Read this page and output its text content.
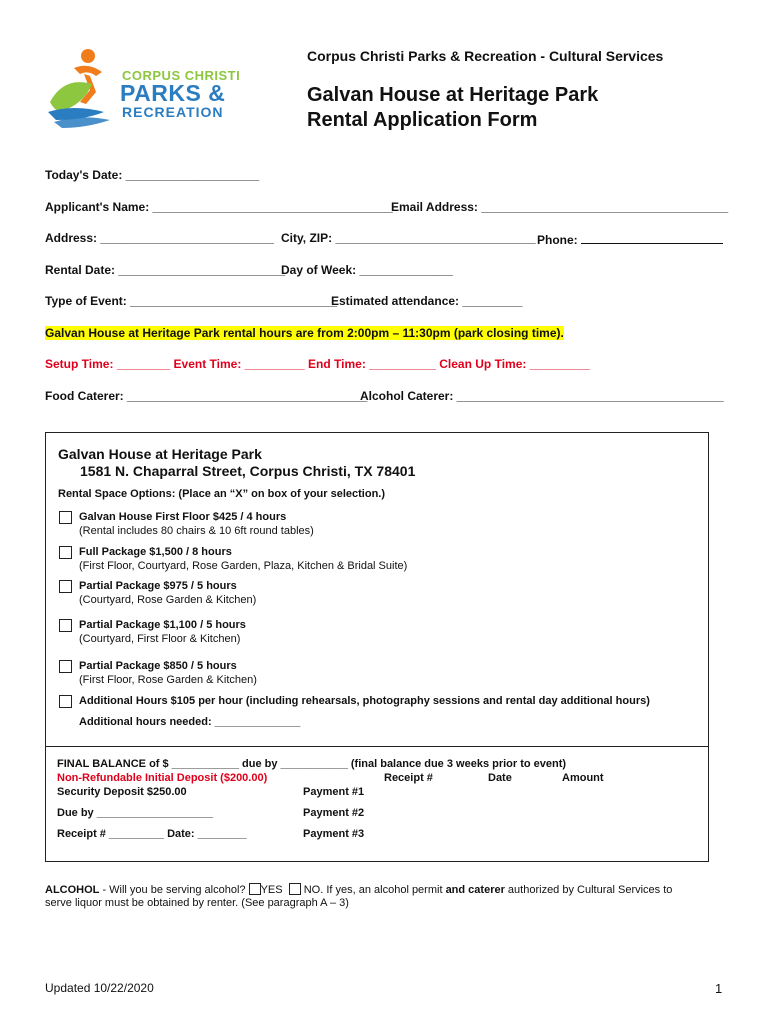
CORPUS CHRISTI
PARKS &
RECREATION
Corpus Christi Parks & Recreation - Cultural Services
Galvan House at Heritage Park
Rental Application Form
Today's Date: ____________________
Applicant's Name: ____________________________________
Email Address: _____________________________________
Address: __________________________ City, ZIP: ______________________________ Phone:
Rental Date: _________________________
Day of Week: ______________
Type of Event: _______________________________
Estimated attendance: _________
Galvan House at Heritage Park rental hours are from 2:00pm – 11:30pm (park closing time).
Setup Time: ________ Event Time: _________ End Time: __________ Clean Up Time: _________
Food Caterer: ____________________________________
Alcohol Caterer: ________________________________________
Galvan House at Heritage Park
1581 N. Chaparral Street, Corpus Christi, TX 78401
Rental Space Options: (Place an “X” on box of your selection.)
Galvan House First Floor $425 / 4 hours
(Rental includes 80 chairs & 10 6ft round tables)
Full Package $1,500 / 8 hours
(First Floor, Courtyard, Rose Garden, Plaza, Kitchen & Bridal Suite)
Partial Package $975 / 5 hours
(Courtyard, Rose Garden & Kitchen)
Partial Package $1,100 / 5 hours
(Courtyard, First Floor & Kitchen)
Partial Package $850 / 5 hours
(First Floor, Rose Garden & Kitchen)
Additional Hours $105 per hour (including rehearsals, photography sessions and rental day additional hours)
Additional hours needed: ______________
FINAL BALANCE of $ ___________ due by ___________ (final balance due 3 weeks prior to event)
Non-Refundable Initial Deposit ($200.00)	Receipt #	Date	Amount
Security Deposit $250.00	Payment #1
Due by ___________________	Payment #2
Receipt # _________ Date: ________	Payment #3
ALCOHOL - Will you be serving alcohol? YES NO. If yes, an alcohol permit and caterer authorized by Cultural Services to
serve liquor must be obtained by renter. (See paragraph A – 3)
Updated 10/22/2020	1
